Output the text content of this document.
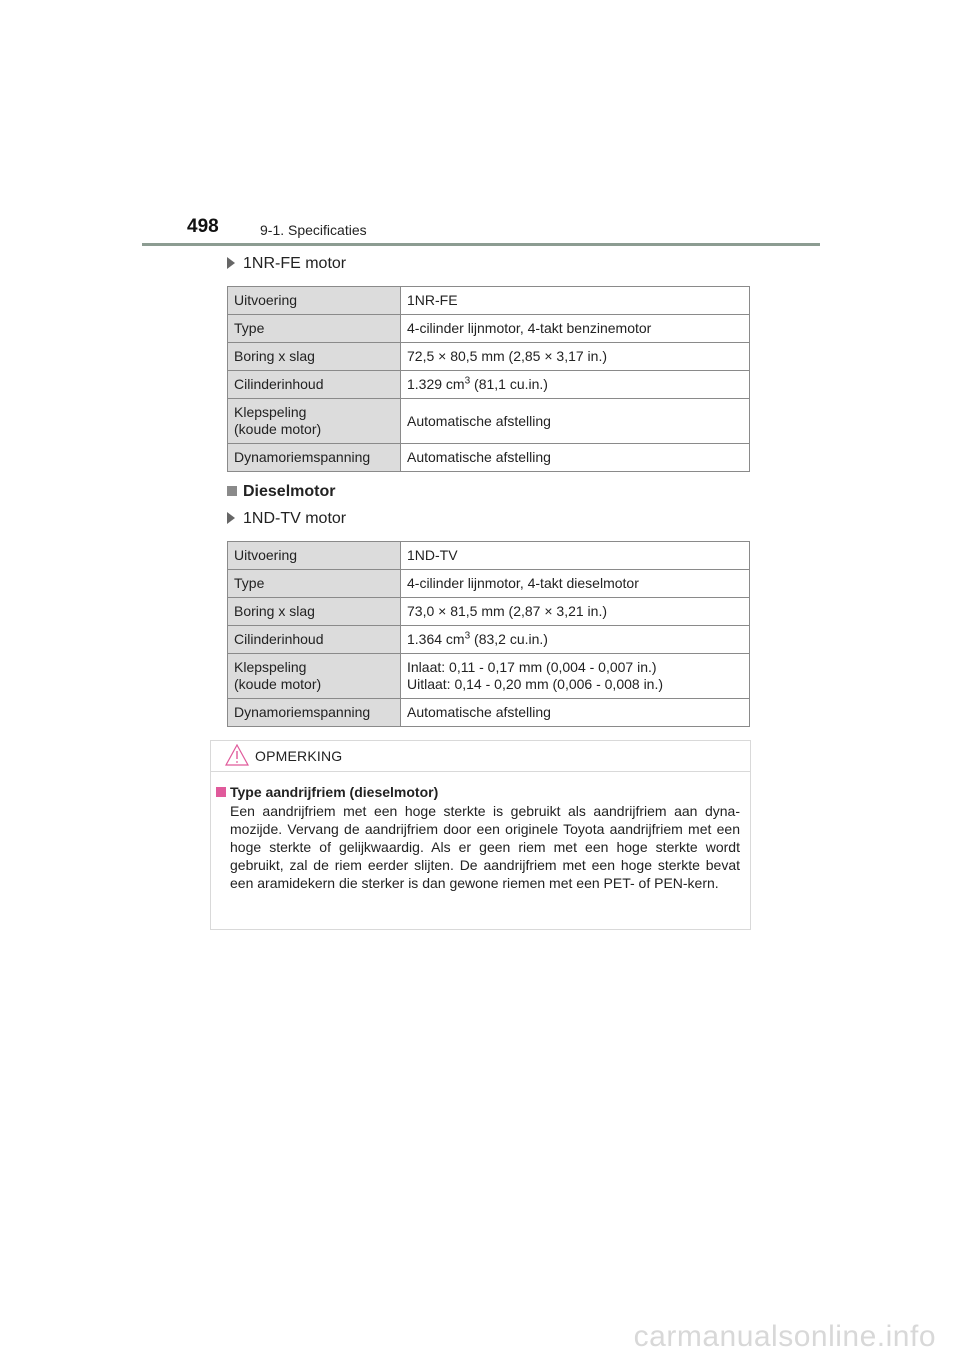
498	9-1. Specificaties
1NR-FE motor
Uitvoering	1NR-FE
Type	4-cilinder lijnmotor, 4-takt benzinemotor
Boring x slag	72,5 × 80,5 mm (2,85 × 3,17 in.)
Cilinderinhoud	1.329 $cm^3$ (81,1 cu.in.)
Klepspeling
(koude motor)	Automatische afstelling
Dynamoriemspanning	Automatische afstelling
Dieselmotor
1ND-TV motor
Uitvoering	1ND-TV
Type	4-cilinder lijnmotor, 4-takt dieselmotor
Boring x slag	73,0 × 81,5 mm (2,87 × 3,21 in.)
Cilinderinhoud	1.364 $cm^3$ (83,2 cu.in.)
Klepspeling
(koude motor)	Inlaat: 0,11 - 0,17 mm (0,004 - 0,007 in.)
Uitlaat: 0,14 - 0,20 mm (0,006 - 0,008 in.)
Dynamoriemspanning	Automatische afstelling
OPMERKING
Type aandrijfriem (dieselmotor)
Een aandrijfriem met een hoge sterkte is gebruikt als aandrijfriem aan dyna-mozijde. Vervang de aandrijfriem door een originele Toyota aandrijfriem met een hoge sterkte of gelijkwaardig. Als er geen riem met een hoge sterkte wordt gebruikt, zal de riem eerder slijten. De aandrijfriem met een hoge sterkte bevat een aramidekern die sterker is dan gewone riemen met een PET- of PEN-kern.
carmanualsonline.info
